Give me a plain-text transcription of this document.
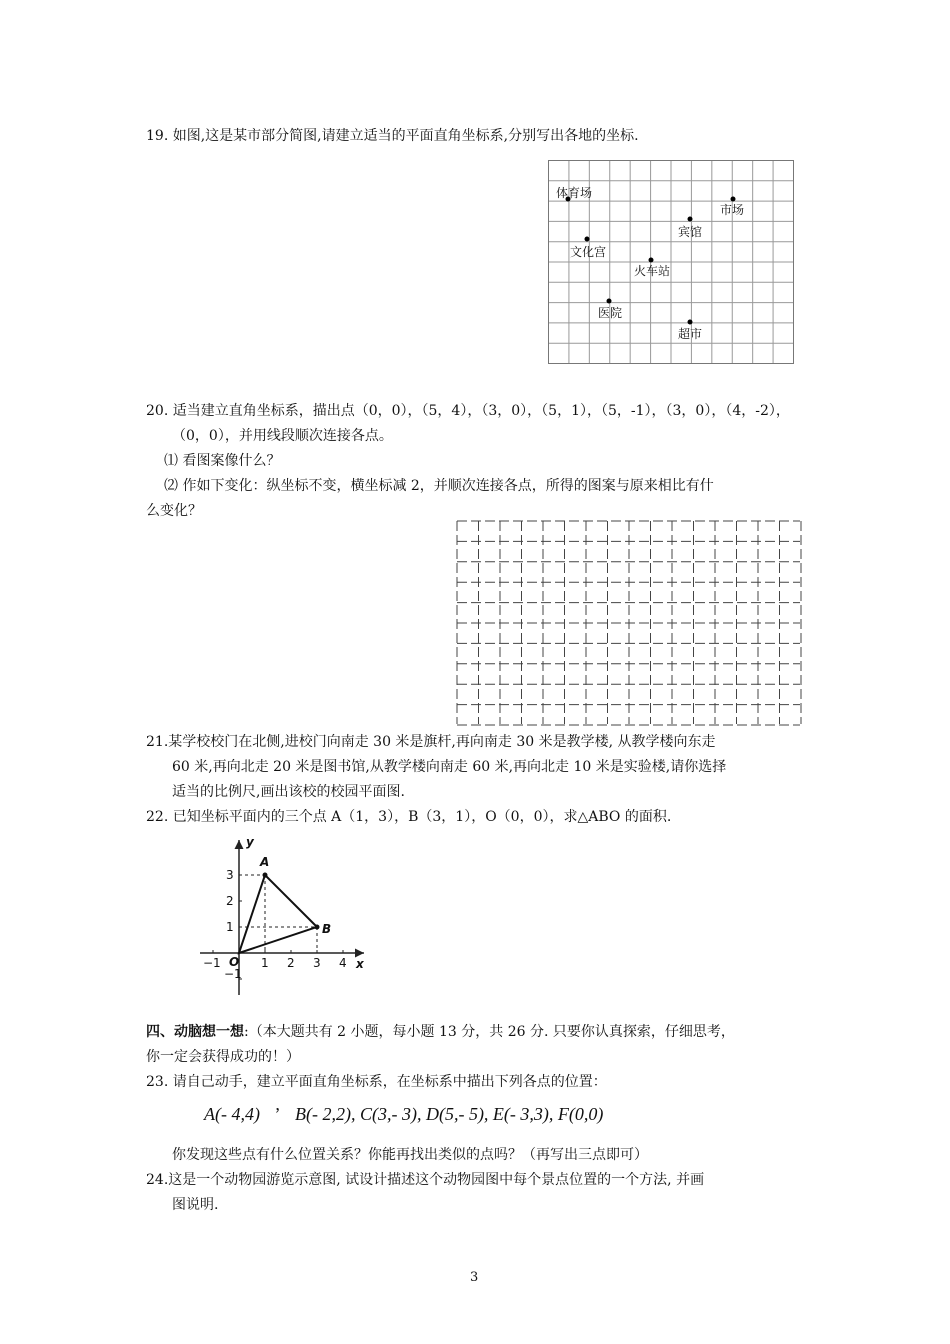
19. 如图,这是某市部分简图,请建立适当的平面直角坐标系,分别写出各地的坐标.
体育场
市场
宾馆
文化宫
火车站
医院
超市
20. 适当建立直角坐标系，描出点（0，0），（5，4），（3，0），（5，1），（5，-1），（3，0），（4，-2），
（0，0），并用线段顺次连接各点。
⑴ 看图案像什么？
⑵ 作如下变化：纵坐标不变，横坐标减 2，并顺次连接各点，所得的图案与原来相比有什
么变化？
21.某学校校门在北侧,进校门向南走 30 米是旗杆,再向南走 30 米是教学楼, 从教学楼向东走
60 米,再向北走 20 米是图书馆,从教学楼向南走 60 米,再向北走 10 米是实验楼,请你选择
适当的比例尺,画出该校的校园平面图.
22. 已知坐标平面内的三个点 A（1，3），B（3，1），O（0，0），求△ABO 的面积.
y
x
A
B
O
−1	1 2 3 4
3
2
1
−1
四、动脑想一想:（本大题共有 2 小题，每小题 13 分，共 26 分. 只要你认真探索，仔细思考，
你一定会获得成功的！）
23. 请自己动手，建立平面直角坐标系，在坐标系中描出下列各点的位置：
A(- 4,4) ’ B(- 2,2), C(3,- 3), D(5,- 5), E(- 3,3), F(0,0)
你发现这些点有什么位置关系？你能再找出类似的点吗？（再写出三点即可）
24.这是一个动物园游览示意图, 试设计描述这个动物园图中每个景点位置的一个方法, 并画
图说明.
3
